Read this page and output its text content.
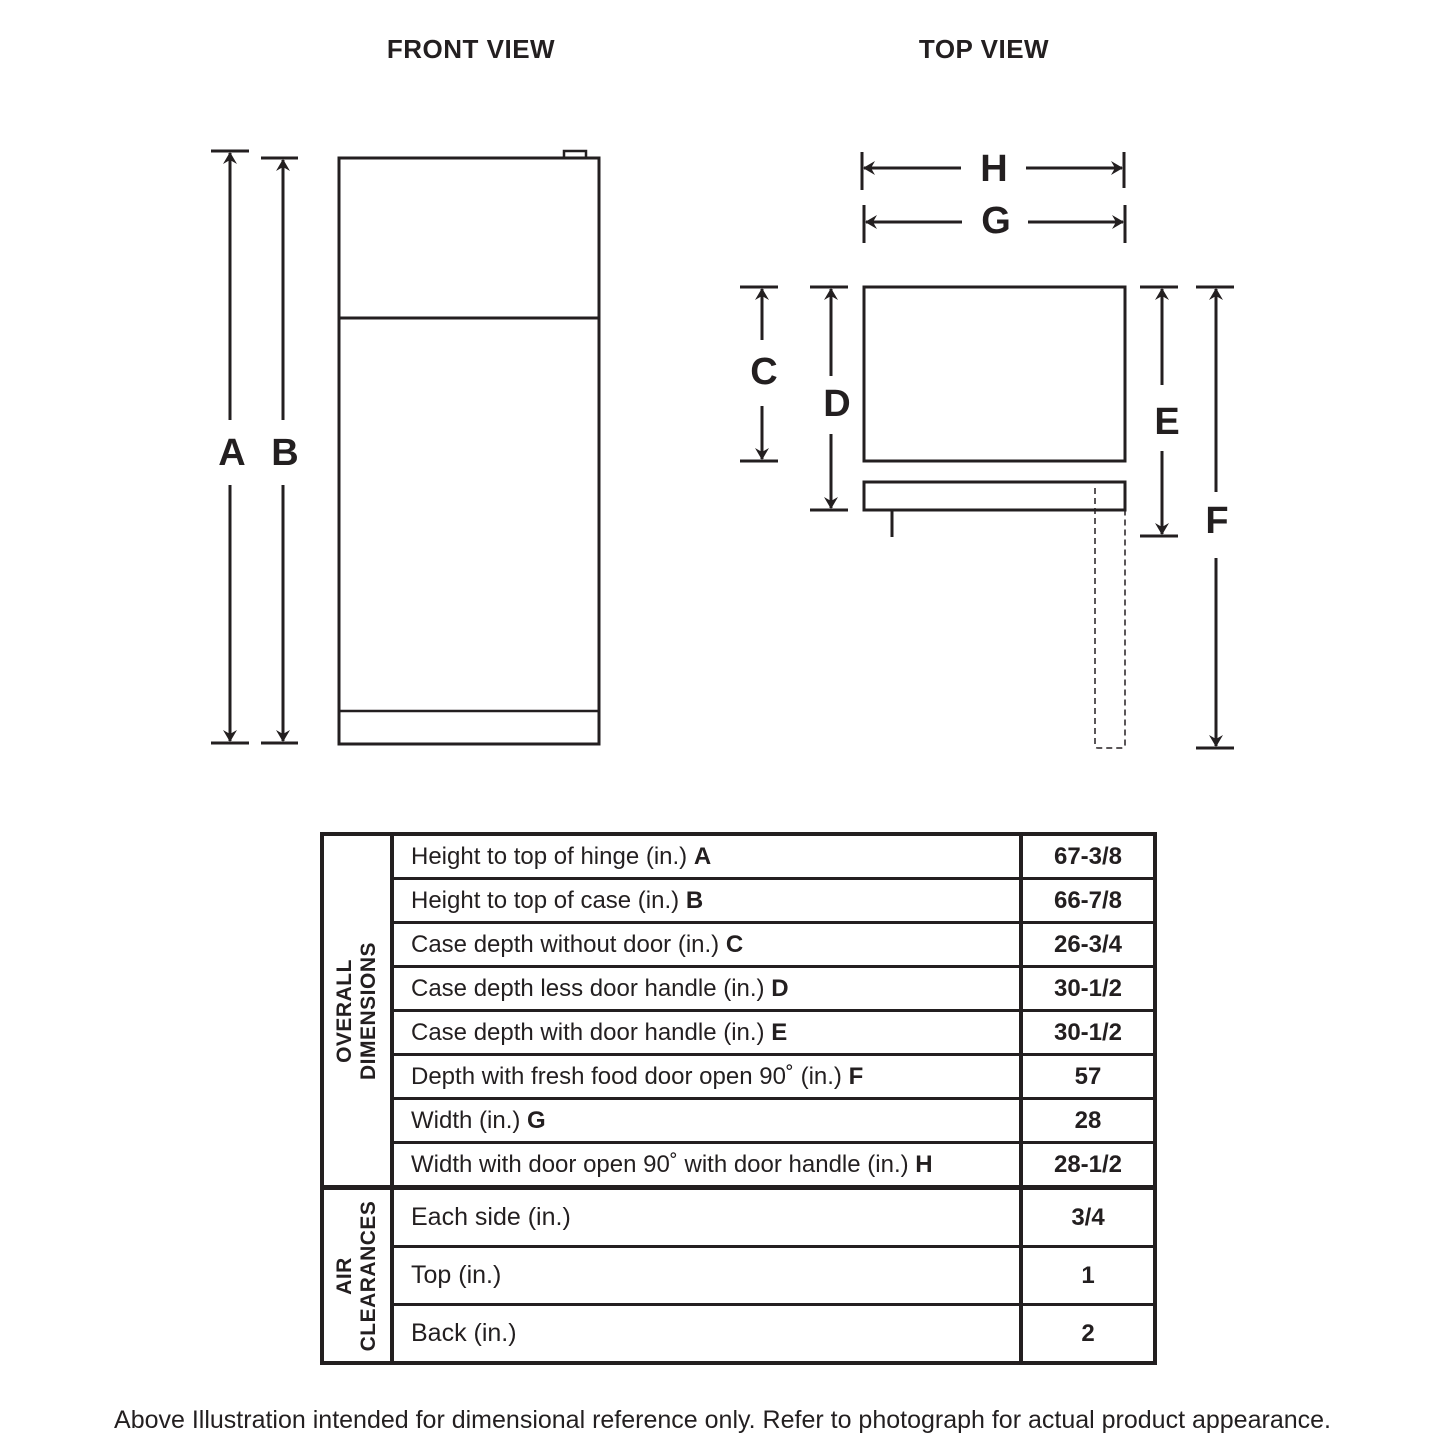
FRONT VIEW	TOP VIEW
A B
H
G
C
D	E
F
OVERALL DIMENSIONS	Height to top of hinge (in.) A	67-3/8
	Height to top of case (in.) B	66-7/8
	Case depth without door (in.) C	26-3/4
	Case depth less door handle (in.) D	30-1/2
	Case depth with door handle (in.) E	30-1/2
	Depth with fresh food door open 90˚ (in.) F	57
	Width (in.) G	28
	Width with door open 90˚ with door handle (in.) H	28-1/2

AIR CLEARANCES	Each side (in.)	3/4
	Top (in.)	1
	Back (in.)	2
Above Illustration intended for dimensional reference only. Refer to photograph for actual product appearance.
